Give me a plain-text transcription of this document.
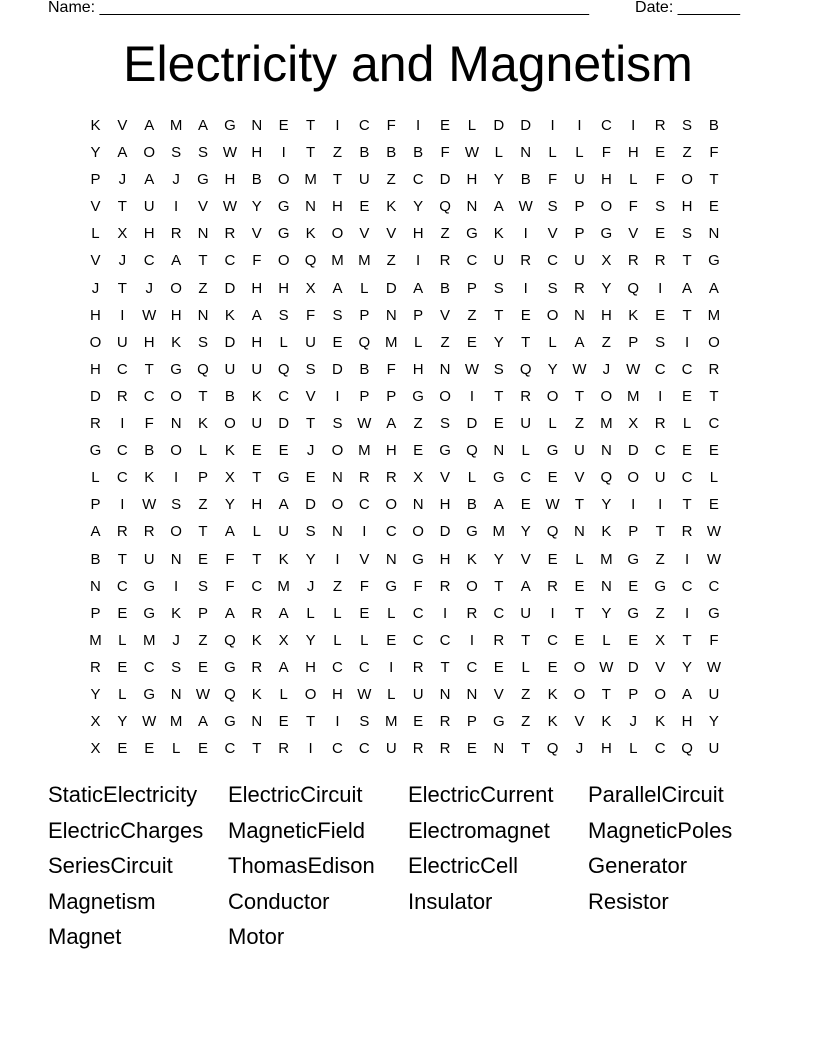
Name: _______________________________________________________	Date: _______
Electricity and Magnetism
K	V	A	M	A	G	N	E	T	I	C	F	I	E	L	D	D	I	I	C	I	R	S	B
Y	A	O	S	S W H	I	T	Z	B	B	B	F	W	L	N	L	L	F	H	E	Z	F
P	J	A	J	G	H	B	O M	T	U	Z	C	D	H	Y	B	F	U	H	L	F	O	T
V	T	U	I	V W Y	G	N	H	E	K	Y	Q	N	A W S	P	O	F	S	H	E
L	X	H	R	N	R	V	G	K	O	V	V	H	Z	G	K	I	V	P	G	V	E	S	N
V	J	C	A	T	C	F	O	Q M M	Z	I	R	C	U	R	C	U	X	R	R	T	G
J	T	J	O	Z	D	H	H	X	A	L	D	A	B	P	S	I	S	R	Y	Q	I	A	A
H	I	W H	N	K	A	S	F	S	P	N	P	V	Z	T	E	O	N	H	K	E	T	M
O	U	H	K	S	D	H	L	U	E	Q M	L	Z	E	Y	T	L	A	Z	P	S	I	O
H	C	T	G	Q	U	U	Q	S	D	B	F	H	N W S	Q	Y W	J	W C	C	R
D	R	C	O	T	B	K	C	V	I	P	P	G	O	I	T	R	O	T	O M	I	E	T
R	I	F	N	K	O	U	D	T	S W A	Z	S	D	E	U	L	Z	M	X	R	L	C
G	C	B	O	L	K	E	E	J	O M	H	E	G	Q	N	L	G	U	N	D	C	E	E
L	C	K	I	P	X	T	G	E	N	R	R	X	V	L	G	C	E	V	Q	O	U	C	L
P	I	W S	Z	Y	H	A	D	O	C	O	N	H	B	A	E W	T	Y	I	I	T	E
A	R	R	O	T	A	L	U	S	N	I	C	O	D	G M	Y	Q	N	K	P	T	R W
B	T	U	N	E	F	T	K	Y	I	V	N	G	H	K	Y	V	E	L	M G	Z	I	W
N	C	G	I	S	F	C	M	J	Z	F	G	F	R	O	T	A	R	E	N	E	G	C	C
P	E	G	K	P	A	R	A	L	L	E	L	C	I	R	C	U	I	T	Y	G	Z	I	G
M	L	M	J	Z	Q	K	X	Y	L	L	E	C	C	I	R	T	C	E	L	E	X	T	F
R	E	C	S	E	G	R	A	H	C	C	I	R	T	C	E	L	E	O W D	V	Y W
Y	L	G	N W Q	K	L	O	H W	L	U	N	N	V	Z	K	O	T	P	O	A	U
X	Y W M	A	G	N	E	T	I	S	M	E	R	P	G	Z	K	V	K	J	K	H	Y
X	E	E	L	E	C	T	R	I	C	C	U	R	R	E	N	T	Q	J	H	L	C	Q	U
StaticElectricity	ElectricCircuit	ElectricCurrent	ParallelCircuit
ElectricCharges	MagneticField	Electromagnet	MagneticPoles
SeriesCircuit	ThomasEdison	ElectricCell	Generator
Magnetism	Conductor	Insulator	Resistor
Magnet	Motor
